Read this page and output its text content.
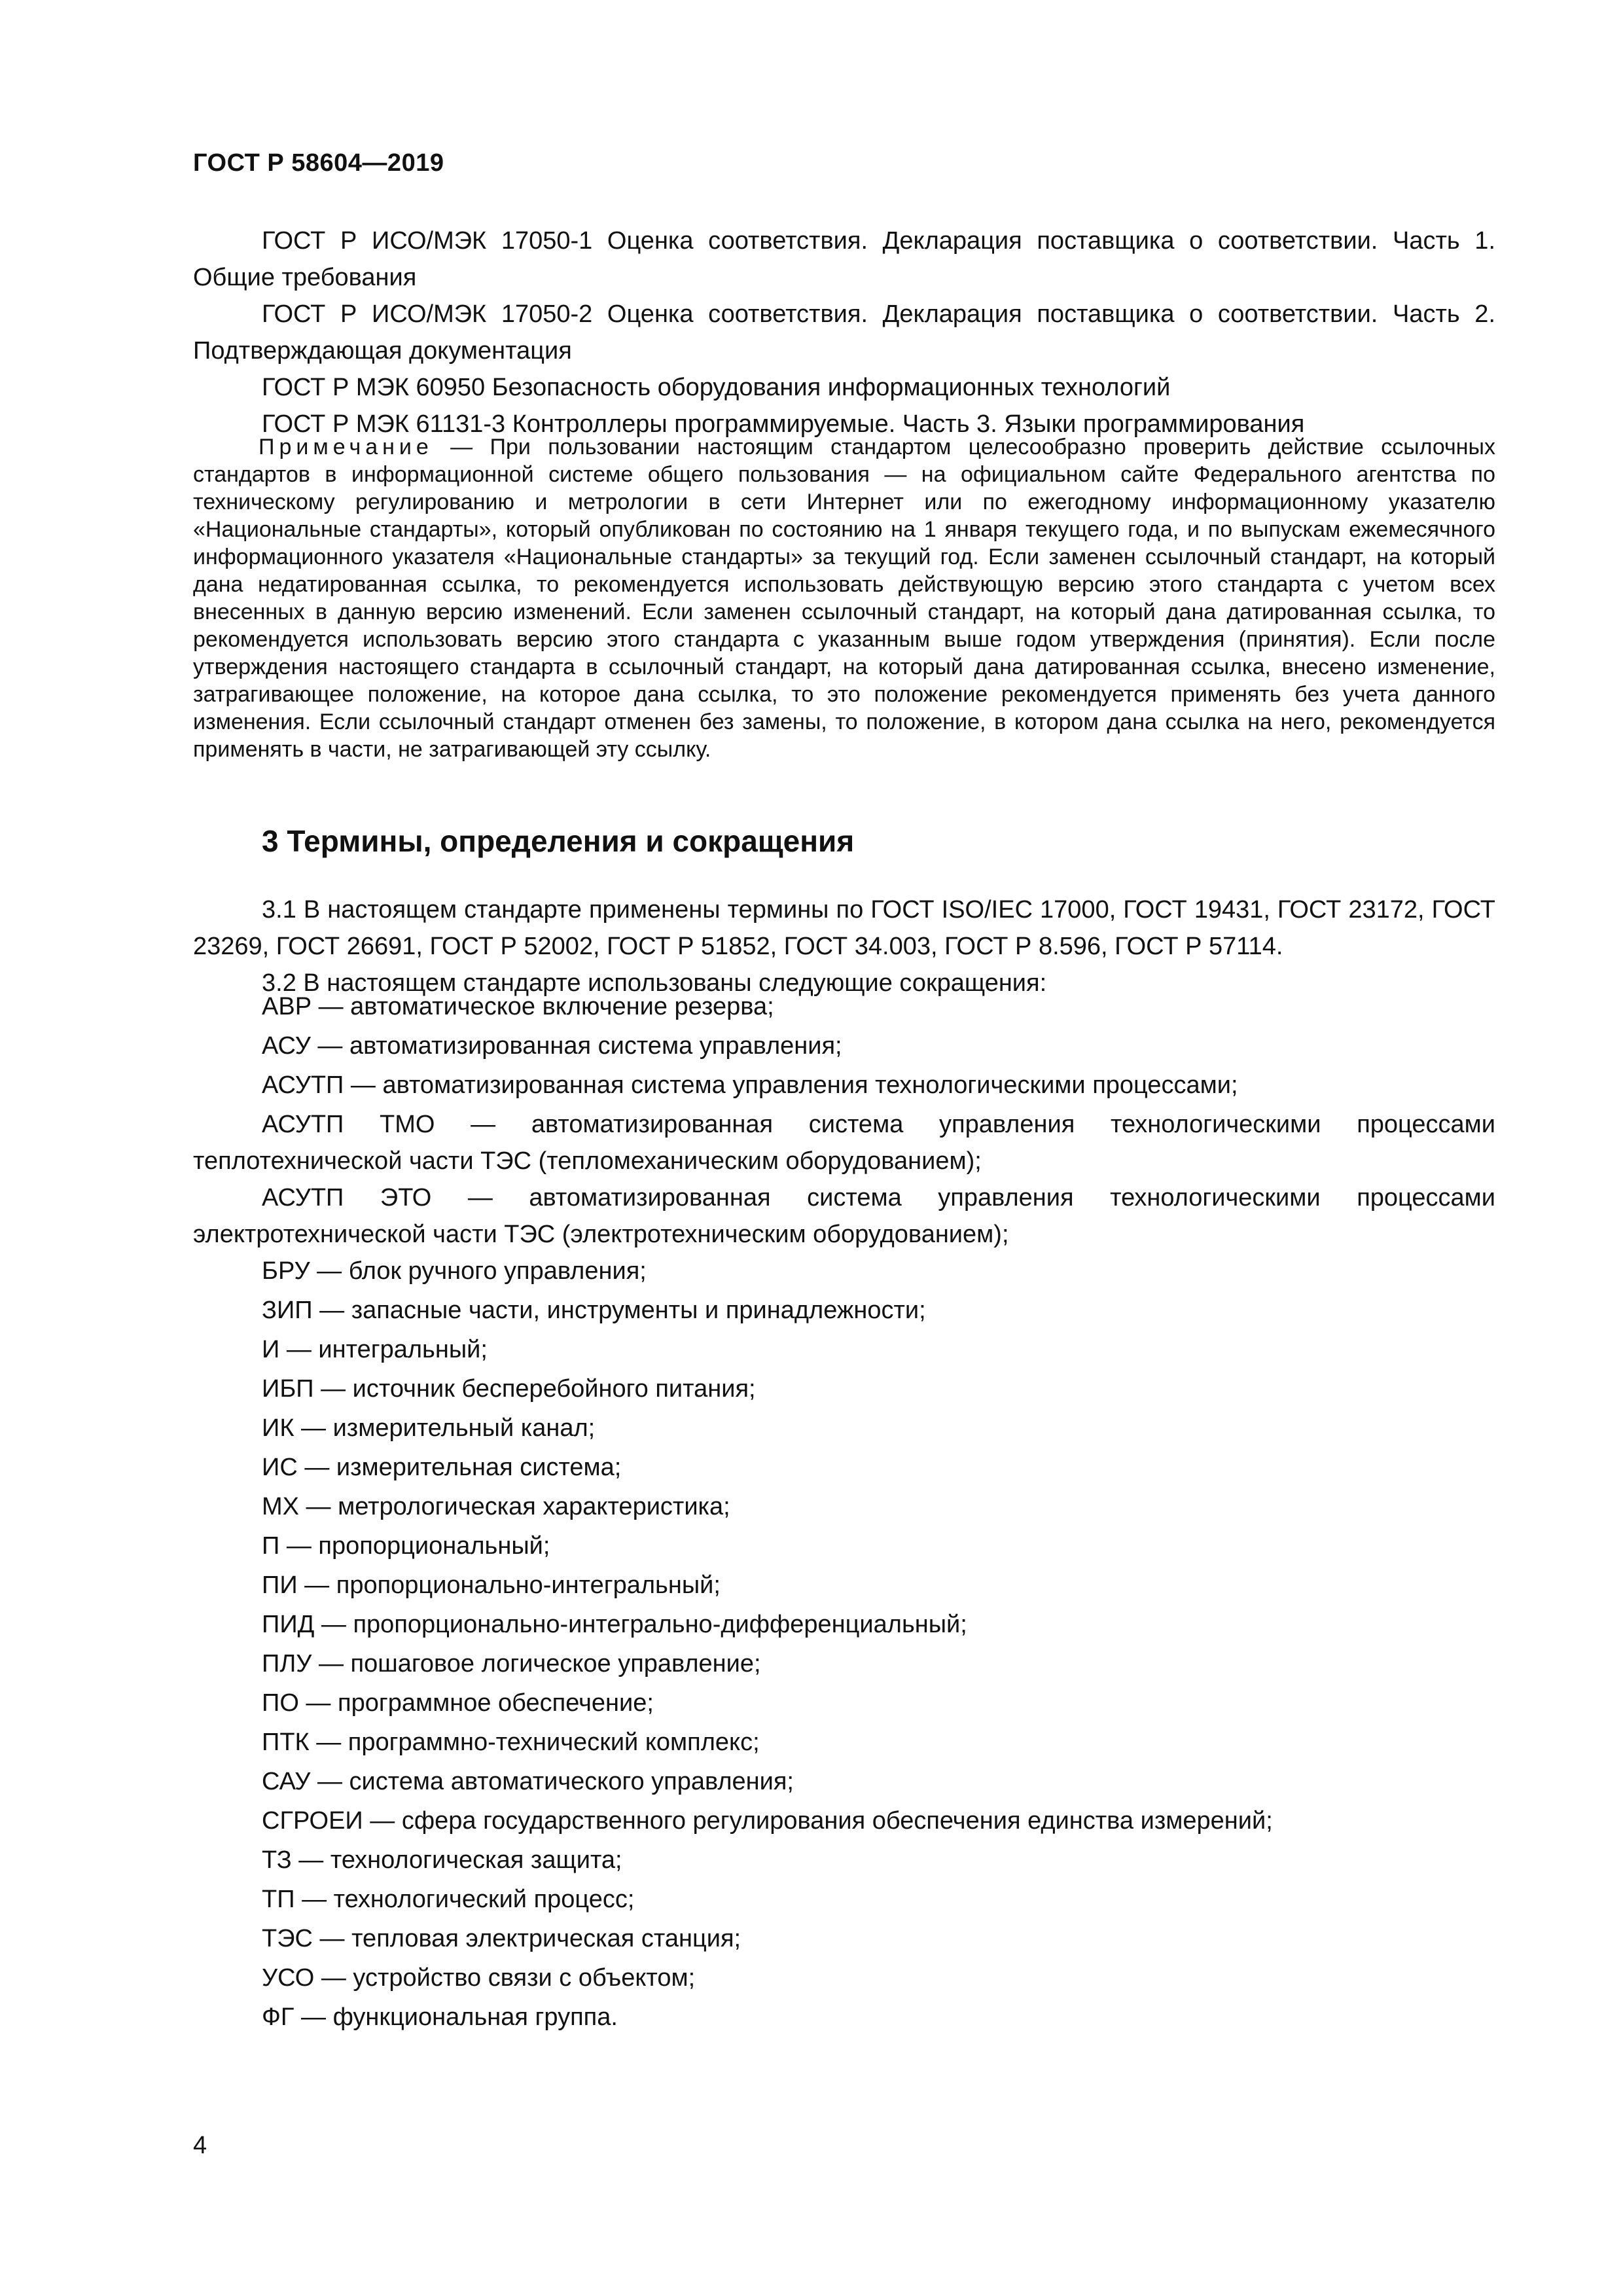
ГОСТ Р 58604—2019

ГОСТ Р ИСО/МЭК 17050-1 Оценка соответствия. Декларация поставщика о соответствии. Часть 1. Общие требования

ГОСТ Р ИСО/МЭК 17050-2 Оценка соответствия. Декларация поставщика о соответствии. Часть 2. Подтверждающая документация

ГОСТ Р МЭК 60950 Безопасность оборудования информационных технологий

ГОСТ Р МЭК 61131-3 Контроллеры программируемые. Часть 3. Языки программирования

Примечание — При пользовании настоящим стандартом целесообразно проверить действие ссылочных стандартов в информационной системе общего пользования — на официальном сайте Федерального агентства по техническому регулированию и метрологии в сети Интернет или по ежегодному информационному указателю «Национальные стандарты», который опубликован по состоянию на 1 января текущего года, и по выпускам ежемесячного информационного указателя «Национальные стандарты» за текущий год. Если заменен ссылочный стандарт, на который дана недатированная ссылка, то рекомендуется использовать действующую версию этого стандарта с учетом всех внесенных в данную версию изменений. Если заменен ссылочный стандарт, на который дана датированная ссылка, то рекомендуется использовать версию этого стандарта с указанным выше годом утверждения (принятия). Если после утверждения настоящего стандарта в ссылочный стандарт, на который дана датированная ссылка, внесено изменение, затрагивающее положение, на которое дана ссылка, то это положение рекомендуется применять без учета данного изменения. Если ссылочный стандарт отменен без замены, то положение, в котором дана ссылка на него, рекомендуется применять в части, не затрагивающей эту ссылку.

3 Термины, определения и сокращения

3.1 В настоящем стандарте применены термины по ГОСТ ISO/IEC 17000, ГОСТ 19431, ГОСТ 23172, ГОСТ 23269, ГОСТ 26691, ГОСТ Р 52002, ГОСТ Р 51852, ГОСТ 34.003, ГОСТ Р 8.596, ГОСТ Р 57114.

3.2 В настоящем стандарте использованы следующие сокращения:

АВР — автоматическое включение резерва;

АСУ — автоматизированная система управления;

АСУТП — автоматизированная система управления технологическими процессами;

АСУТП ТМО — автоматизированная система управления технологическими процессами теплотехнической части ТЭС (тепломеханическим оборудованием);

АСУТП ЭТО — автоматизированная система управления технологическими процессами электротехнической части ТЭС (электротехническим оборудованием);

БРУ — блок ручного управления;

ЗИП — запасные части, инструменты и принадлежности;

И — интегральный;

ИБП — источник бесперебойного питания;

ИК — измерительный канал;

ИС — измерительная система;

МХ — метрологическая характеристика;

П — пропорциональный;

ПИ — пропорционально-интегральный;

ПИД — пропорционально-интегрально-дифференциальный;

ПЛУ — пошаговое логическое управление;

ПО — программное обеспечение;

ПТК — программно-технический комплекс;

САУ — система автоматического управления;

СГРОЕИ — сфера государственного регулирования обеспечения единства измерений;

ТЗ — технологическая защита;

ТП — технологический процесс;

ТЭС — тепловая электрическая станция;

УСО — устройство связи с объектом;

ФГ — функциональная группа.

4
